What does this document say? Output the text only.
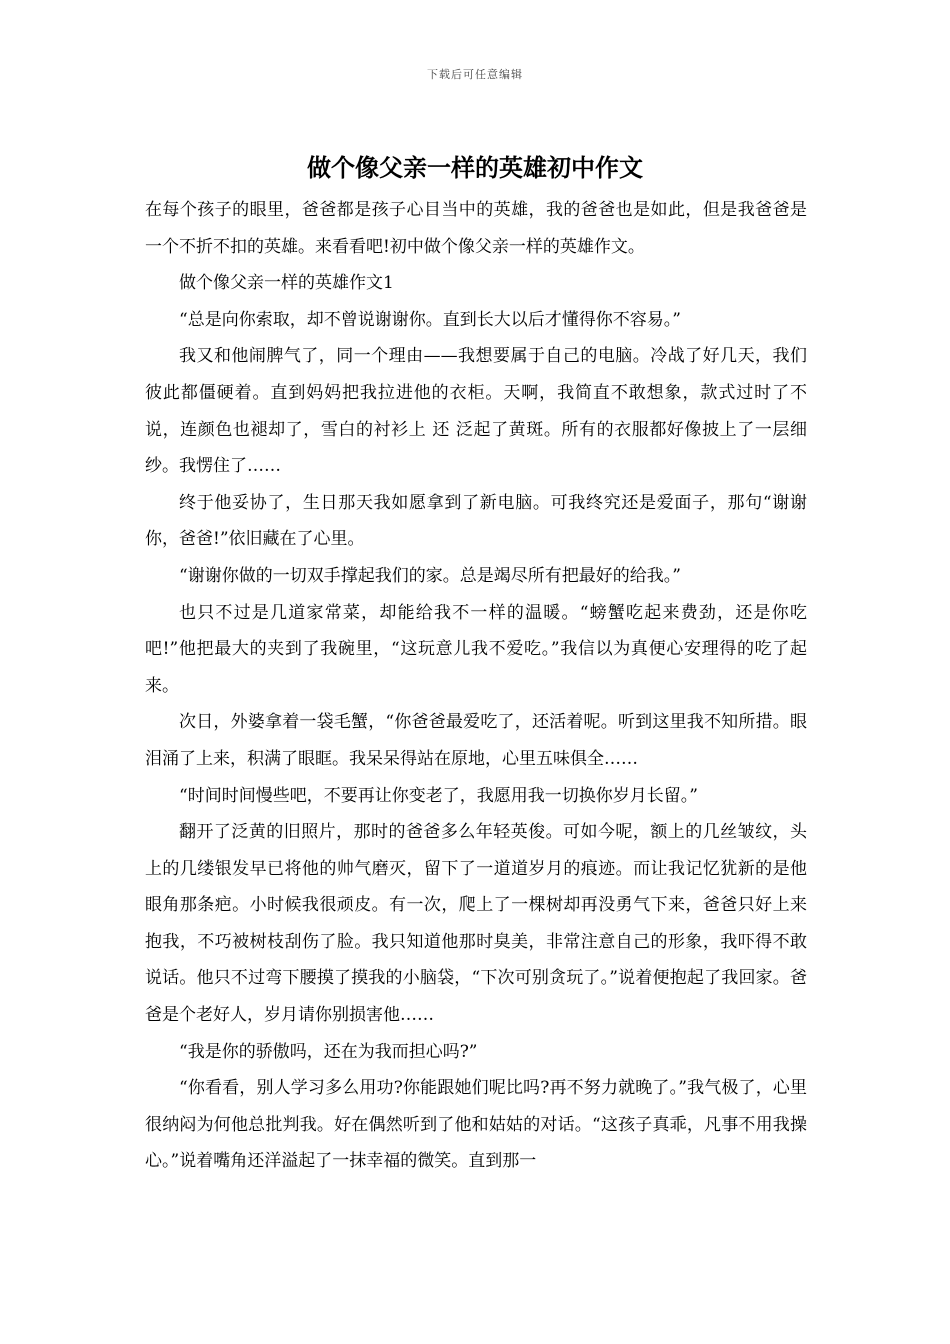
下载后可任意编辑
做个像父亲一样的英雄初中作文

在每个孩子的眼里，爸爸都是孩子心目当中的英雄，我的爸爸也是如此，但是我爸爸是一个不折不扣的英雄。来看看吧!初中做个像父亲一样的英雄作文。

做个像父亲一样的英雄作文1

“总是向你索取，却不曾说谢谢你。直到长大以后才懂得你不容易。”

我又和他闹脾气了，同一个理由——我想要属于自己的电脑。冷战了好几天，我们彼此都僵硬着。直到妈妈把我拉进他的衣柜。天啊，我简直不敢想象，款式过时了不说，连颜色也褪却了，雪白的衬衫上 还 泛起了黄斑。所有的衣服都好像披上了一层细纱。我愣住了……

终于他妥协了，生日那天我如愿拿到了新电脑。可我终究还是爱面子，那句“谢谢你，爸爸!”依旧藏在了心里。

“谢谢你做的一切双手撑起我们的家。总是竭尽所有把最好的给我。”

也只不过是几道家常菜，却能给我不一样的温暖。“螃蟹吃起来费劲，还是你吃吧!”他把最大的夹到了我碗里，“这玩意儿我不爱吃。”我信以为真便心安理得的吃了起来。

次日，外婆拿着一袋毛蟹，“你爸爸最爱吃了，还活着呢。听到这里我不知所措。眼泪涌了上来，积满了眼眶。我呆呆得站在原地，心里五味俱全……

“时间时间慢些吧，不要再让你变老了，我愿用我一切换你岁月长留。”

翻开了泛黄的旧照片，那时的爸爸多么年轻英俊。可如今呢，额上的几丝皱纹，头上的几缕银发早已将他的帅气磨灭，留下了一道道岁月的痕迹。而让我记忆犹新的是他眼角那条疤。小时候我很顽皮。有一次，爬上了一棵树却再没勇气下来，爸爸只好上来抱我，不巧被树枝刮伤了脸。我只知道他那时臭美，非常注意自己的形象，我吓得不敢说话。他只不过弯下腰摸了摸我的小脑袋，“下次可别贪玩了。”说着便抱起了我回家。爸爸是个老好人，岁月请你别损害他……

“我是你的骄傲吗，还在为我而担心吗?”

“你看看，别人学习多么用功?你能跟她们呢比吗?再不努力就晚了。”我气极了，心里很纳闷为何他总批判我。好在偶然听到了他和姑姑的对话。“这孩子真乖，凡事不用我操心。”说着嘴角还洋溢起了一抹幸福的微笑。直到那一
